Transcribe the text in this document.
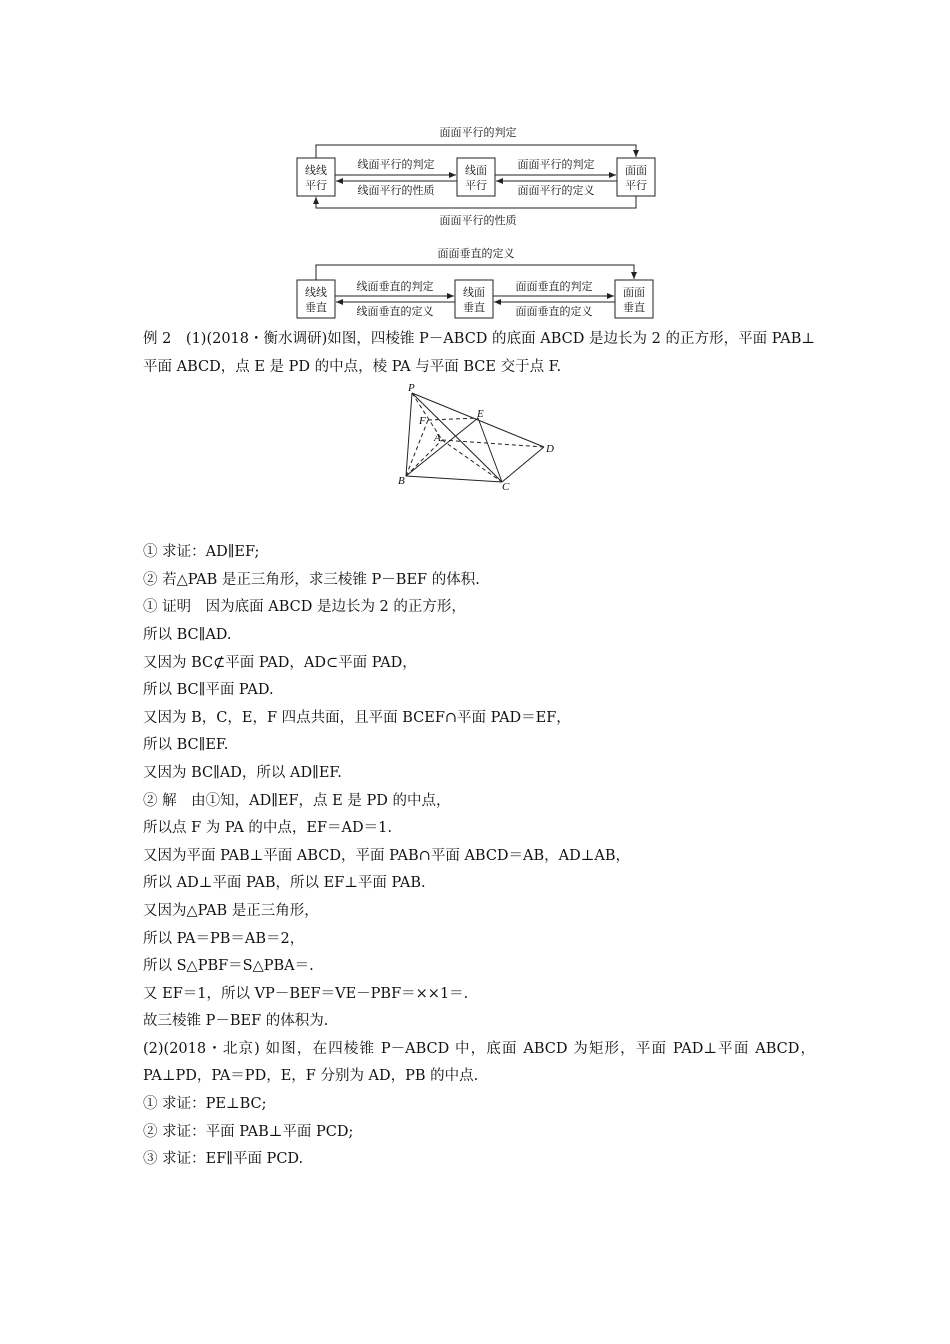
面面平行的判定
线线
平行
线面
平行
面面
平行
线面平行的判定
线面平行的性质
面面平行的判定
面面平行的定义
面面平行的性质
面面垂直的定义
线线
垂直
线面
垂直
面面
垂直
线面垂直的判定
线面垂直的定义
面面垂直的判定
面面垂直的定义

例 2　(1)(2018・衡水调研)如图，四棱锥 P－ABCD 的底面 ABCD 是边长为 2 的正方形，平面 PAB⊥平面 ABCD，点 E 是 PD 的中点，棱 PA 与平面 BCE 交于点 F.

① 求证：AD∥EF;

② 若△PAB 是正三角形，求三棱锥 P－BEF 的体积.

① 证明　因为底面 ABCD 是边长为 2 的正方形，

所以 BC∥AD.

又因为 BC⊄平面 PAD，AD⊂平面 PAD，

所以 BC∥平面 PAD.

又因为 B，C，E，F 四点共面，且平面 BCEF∩平面 PAD＝EF，

所以 BC∥EF.

又因为 BC∥AD，所以 AD∥EF.

② 解　由①知，AD∥EF，点 E 是 PD 的中点，

所以点 F 为 PA 的中点，EF＝AD＝1.

又因为平面 PAB⊥平面 ABCD，平面 PAB∩平面 ABCD＝AB，AD⊥AB，

所以 AD⊥平面 PAB，所以 EF⊥平面 PAB.

又因为△PAB 是正三角形，

所以 PA＝PB＝AB＝2，

所以 S△PBF＝S△PBA＝.

又 EF＝1，所以 VP－BEF＝VE－PBF＝××1＝.

故三棱锥 P－BEF 的体积为.

(2)(2018・北京) 如图，在四棱锥 P－ABCD 中，底面 ABCD 为矩形，平面 PAD⊥平面 ABCD，PA⊥PD，PA＝PD，E，F 分别为 AD，PB 的中点.

① 求证：PE⊥BC;

② 求证：平面 PAB⊥平面 PCD;

③ 求证：EF∥平面 PCD.

P
E
F
A
D
B	C
